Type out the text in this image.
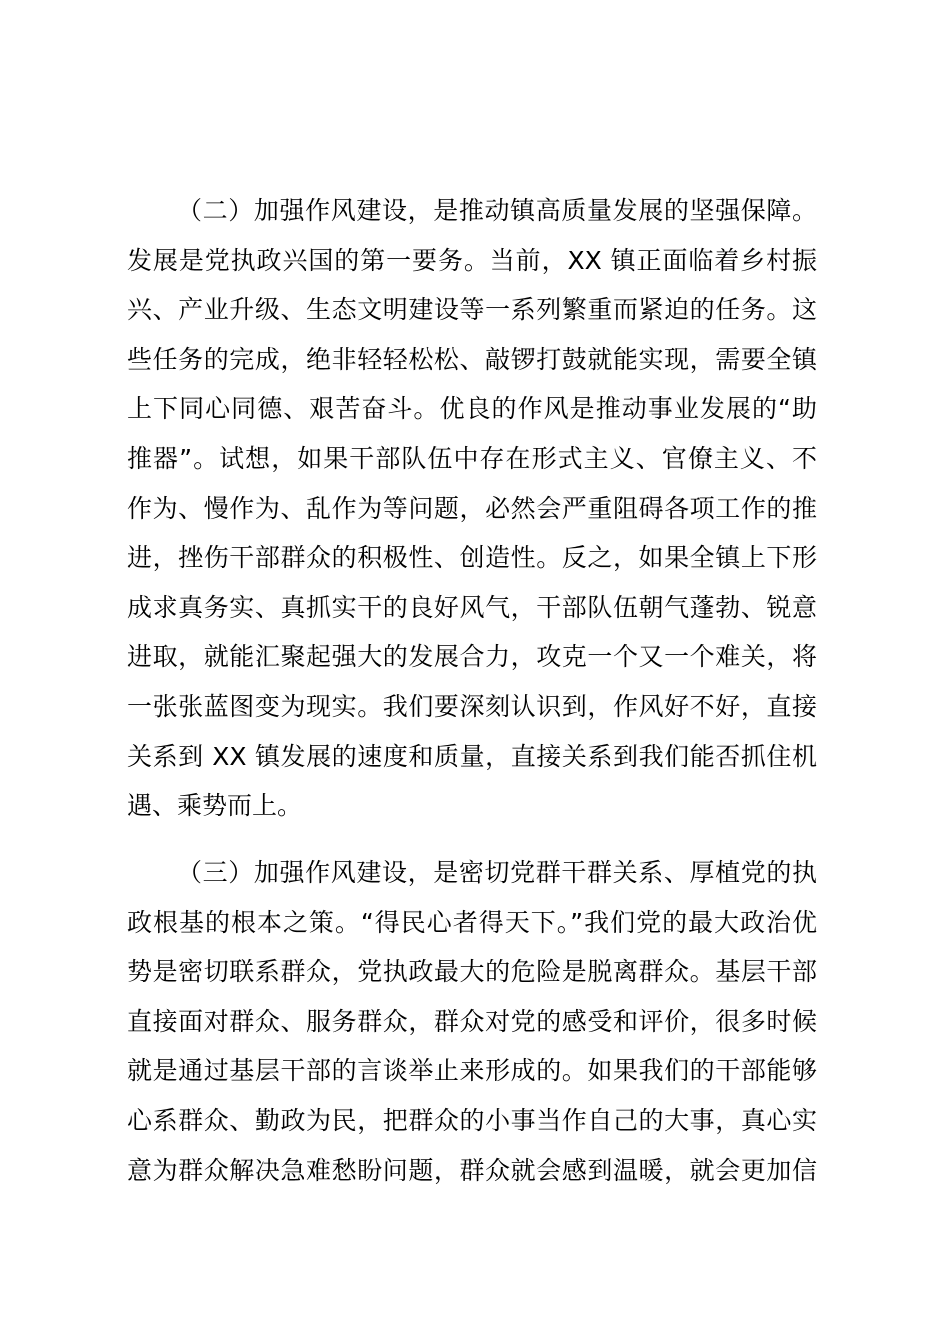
（二）加强作风建设，是推动镇高质量发展的坚强保障。
发展是党执政兴国的第一要务。当前，XX 镇正面临着乡村振
兴、产业升级、生态文明建设等一系列繁重而紧迫的任务。这
些任务的完成，绝非轻轻松松、敲锣打鼓就能实现，需要全镇
上下同心同德、艰苦奋斗。优良的作风是推动事业发展的“助
推器”。试想，如果干部队伍中存在形式主义、官僚主义、不
作为、慢作为、乱作为等问题，必然会严重阻碍各项工作的推
进，挫伤干部群众的积极性、创造性。反之，如果全镇上下形
成求真务实、真抓实干的良好风气，干部队伍朝气蓬勃、锐意
进取，就能汇聚起强大的发展合力，攻克一个又一个难关，将
一张张蓝图变为现实。我们要深刻认识到，作风好不好，直接
关系到 XX 镇发展的速度和质量，直接关系到我们能否抓住机
遇、乘势而上。
（三）加强作风建设，是密切党群干群关系、厚植党的执
政根基的根本之策。“得民心者得天下。”我们党的最大政治优
势是密切联系群众，党执政最大的危险是脱离群众。基层干部
直接面对群众、服务群众，群众对党的感受和评价，很多时候
就是通过基层干部的言谈举止来形成的。如果我们的干部能够
心系群众、勤政为民，把群众的小事当作自己的大事，真心实
意为群众解决急难愁盼问题，群众就会感到温暖，就会更加信
